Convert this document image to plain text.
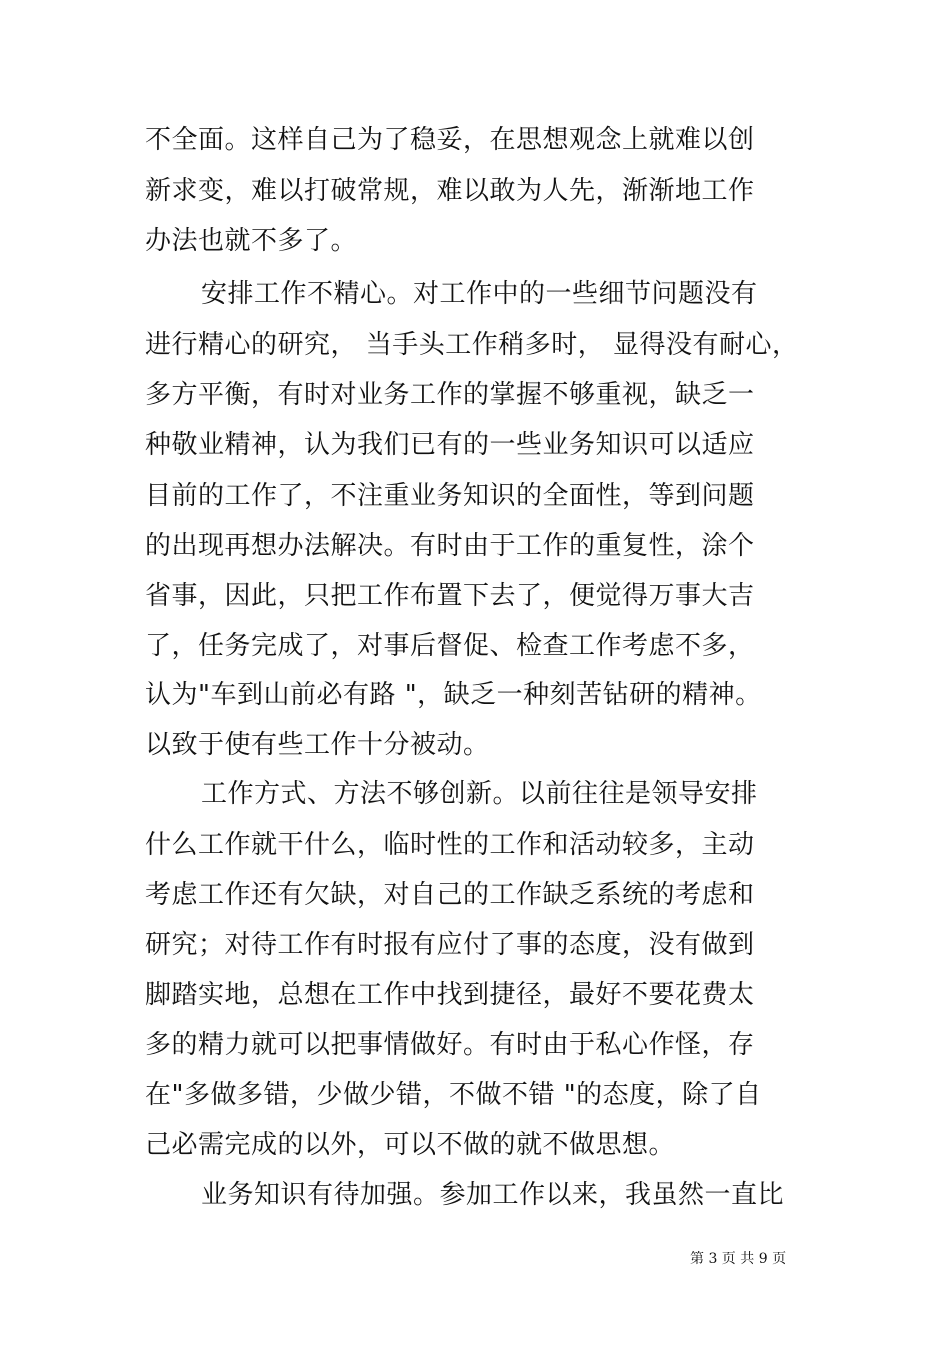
不全面。这样自己为了稳妥，在思想观念上就难以创
新求变，难以打破常规，难以敢为人先，渐渐地工作
办法也就不多了。
安排工作不精心。对工作中的一些细节问题没有
进行精心的研究， 当手头工作稍多时， 显得没有耐心，
多方平衡，有时对业务工作的掌握不够重视，缺乏一
种敬业精神，认为我们已有的一些业务知识可以适应
目前的工作了，不注重业务知识的全面性，等到问题
的出现再想办法解决。有时由于工作的重复性，涂个
省事，因此，只把工作布置下去了，便觉得万事大吉
了，任务完成了，对事后督促、检查工作考虑不多，
认为"车到山前必有路 "，缺乏一种刻苦钻研的精神。
以致于使有些工作十分被动。
工作方式、方法不够创新。以前往往是领导安排
什么工作就干什么，临时性的工作和活动较多，主动
考虑工作还有欠缺，对自己的工作缺乏系统的考虑和
研究；对待工作有时报有应付了事的态度，没有做到
脚踏实地，总想在工作中找到捷径，最好不要花费太
多的精力就可以把事情做好。有时由于私心作怪，存
在"多做多错，少做少错，不做不错 "的态度，除了自
己必需完成的以外，可以不做的就不做思想。
业务知识有待加强。参加工作以来，我虽然一直比
第 3 页 共 9 页
